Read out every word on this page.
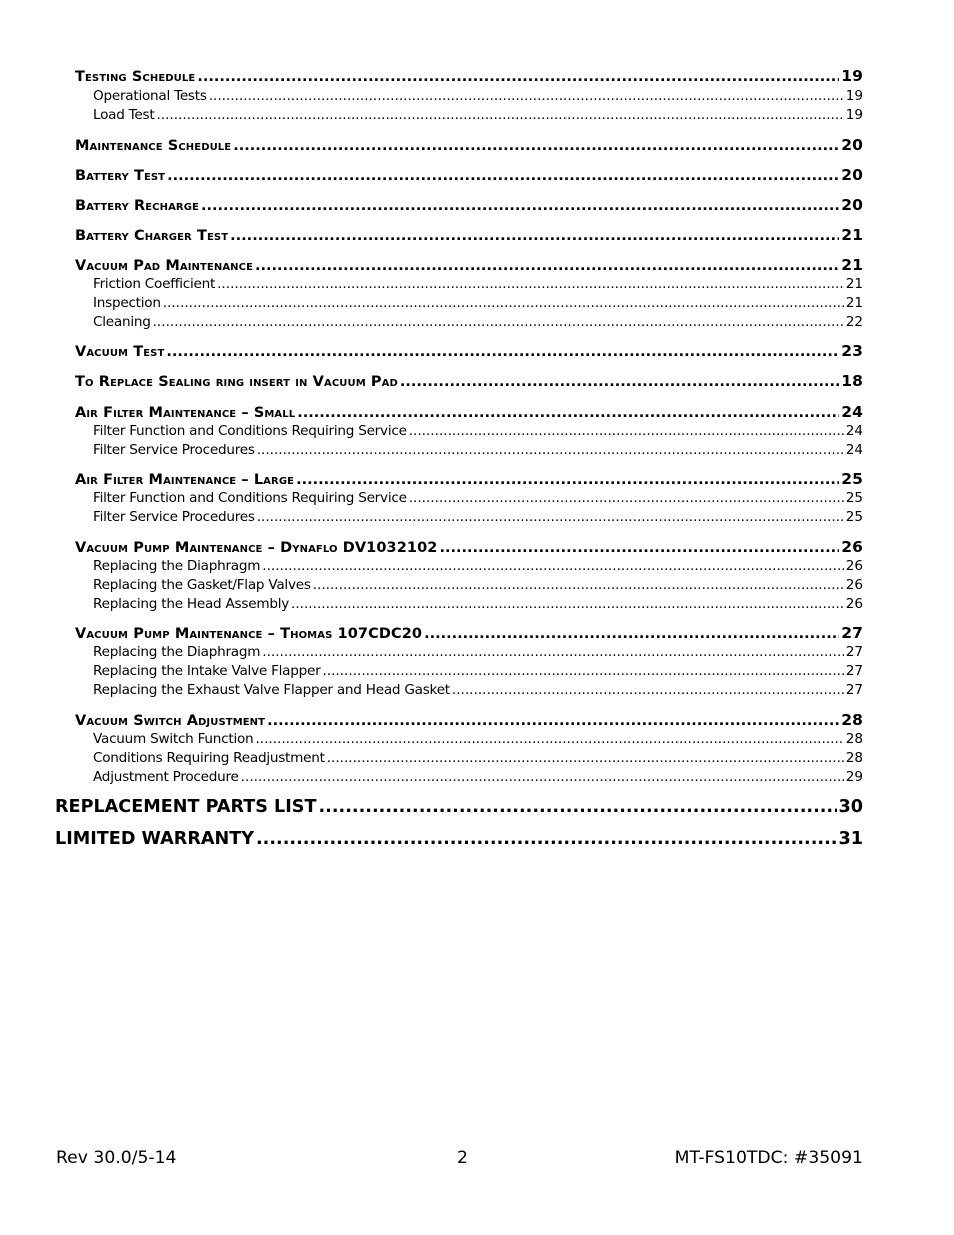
Testing Schedule .....	19
Operational Tests .....	19
Load Test .....	19
Maintenance Schedule .....	20
Battery Test .....	20
Battery Recharge .....	20
Battery Charger Test .....	21
Vacuum Pad Maintenance .....	21
Friction Coefficient .....	21
Inspection .....	21
Cleaning .....	22
Vacuum Test .....	23
To Replace Sealing ring insert in Vacuum Pad .....	18
Air Filter Maintenance – Small .....	24
Filter Function and Conditions Requiring Service .....	24
Filter Service Procedures .....	24
Air Filter Maintenance – Large .....	25
Filter Function and Conditions Requiring Service .....	25
Filter Service Procedures .....	25
Vacuum Pump Maintenance – Dynaflo DV1032102 .....	26
Replacing the Diaphragm .....	26
Replacing the Gasket/Flap Valves .....	26
Replacing the Head Assembly .....	26
Vacuum Pump Maintenance – Thomas 107CDC20 .....	27
Replacing the Diaphragm .....	27
Replacing the Intake Valve Flapper .....	27
Replacing the Exhaust Valve Flapper and Head Gasket .....	27
Vacuum Switch Adjustment .....	28
Vacuum Switch Function .....	28
Conditions Requiring Readjustment .....	28
Adjustment Procedure .....	29
REPLACEMENT PARTS LIST .....	30
LIMITED WARRANTY .....	31
Rev 30.0/5-14	2	MT-FS10TDC: #35091
